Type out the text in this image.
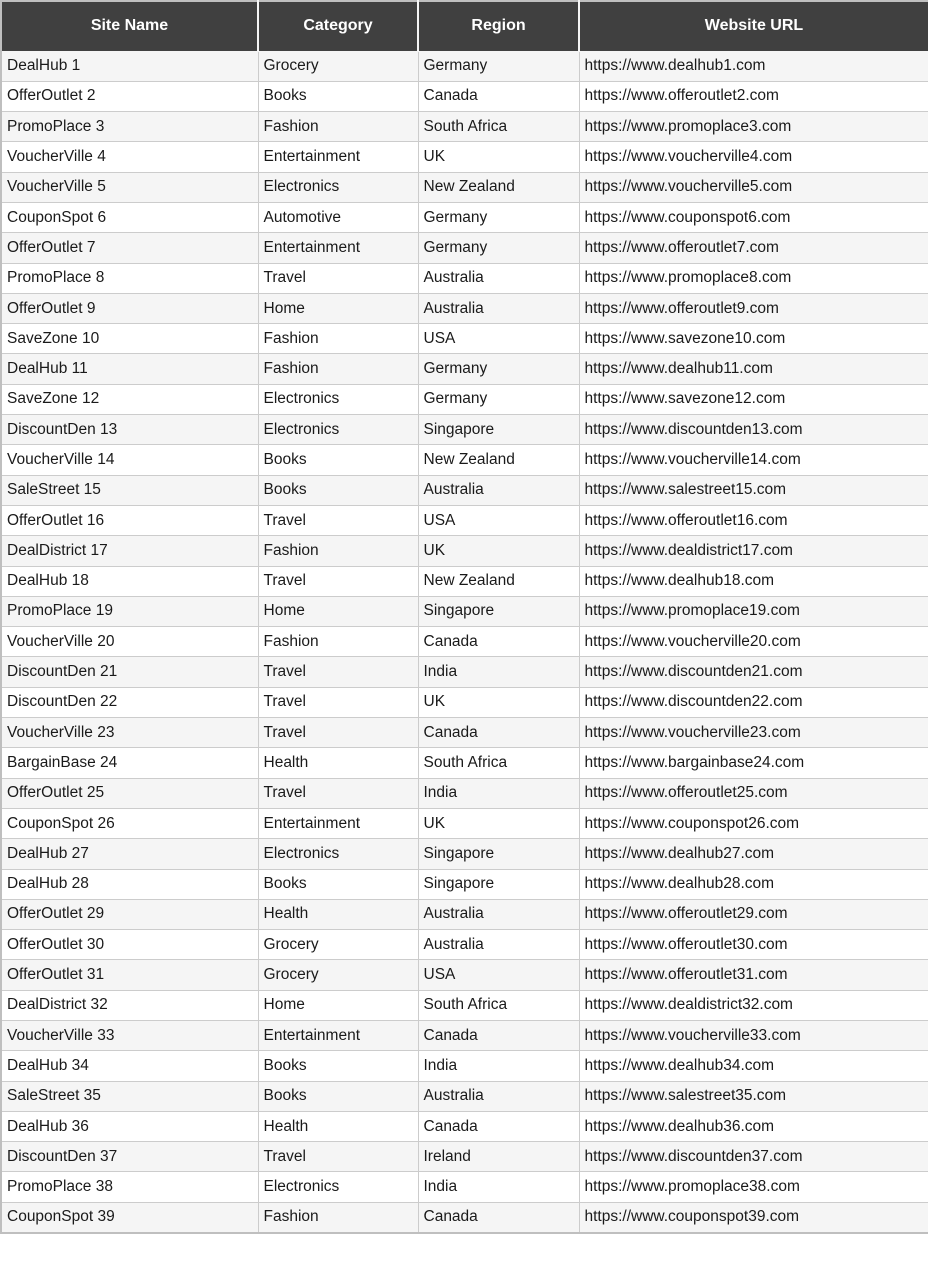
Site Name	Category	Region	Website URL
DealHub 1	Grocery	Germany	https://www.dealhub1.com
OfferOutlet 2	Books	Canada	https://www.offeroutlet2.com
PromoPlace 3	Fashion	South Africa	https://www.promoplace3.com
VoucherVille 4	Entertainment	UK	https://www.voucherville4.com
VoucherVille 5	Electronics	New Zealand	https://www.voucherville5.com
CouponSpot 6	Automotive	Germany	https://www.couponspot6.com
OfferOutlet 7	Entertainment	Germany	https://www.offeroutlet7.com
PromoPlace 8	Travel	Australia	https://www.promoplace8.com
OfferOutlet 9	Home	Australia	https://www.offeroutlet9.com
SaveZone 10	Fashion	USA	https://www.savezone10.com
DealHub 11	Fashion	Germany	https://www.dealhub11.com
SaveZone 12	Electronics	Germany	https://www.savezone12.com
DiscountDen 13	Electronics	Singapore	https://www.discountden13.com
VoucherVille 14	Books	New Zealand	https://www.voucherville14.com
SaleStreet 15	Books	Australia	https://www.salestreet15.com
OfferOutlet 16	Travel	USA	https://www.offeroutlet16.com
DealDistrict 17	Fashion	UK	https://www.dealdistrict17.com
DealHub 18	Travel	New Zealand	https://www.dealhub18.com
PromoPlace 19	Home	Singapore	https://www.promoplace19.com
VoucherVille 20	Fashion	Canada	https://www.voucherville20.com
DiscountDen 21	Travel	India	https://www.discountden21.com
DiscountDen 22	Travel	UK	https://www.discountden22.com
VoucherVille 23	Travel	Canada	https://www.voucherville23.com
BargainBase 24	Health	South Africa	https://www.bargainbase24.com
OfferOutlet 25	Travel	India	https://www.offeroutlet25.com
CouponSpot 26	Entertainment	UK	https://www.couponspot26.com
DealHub 27	Electronics	Singapore	https://www.dealhub27.com
DealHub 28	Books	Singapore	https://www.dealhub28.com
OfferOutlet 29	Health	Australia	https://www.offeroutlet29.com
OfferOutlet 30	Grocery	Australia	https://www.offeroutlet30.com
OfferOutlet 31	Grocery	USA	https://www.offeroutlet31.com
DealDistrict 32	Home	South Africa	https://www.dealdistrict32.com
VoucherVille 33	Entertainment	Canada	https://www.voucherville33.com
DealHub 34	Books	India	https://www.dealhub34.com
SaleStreet 35	Books	Australia	https://www.salestreet35.com
DealHub 36	Health	Canada	https://www.dealhub36.com
DiscountDen 37	Travel	Ireland	https://www.discountden37.com
PromoPlace 38	Electronics	India	https://www.promoplace38.com
CouponSpot 39	Fashion	Canada	https://www.couponspot39.com
